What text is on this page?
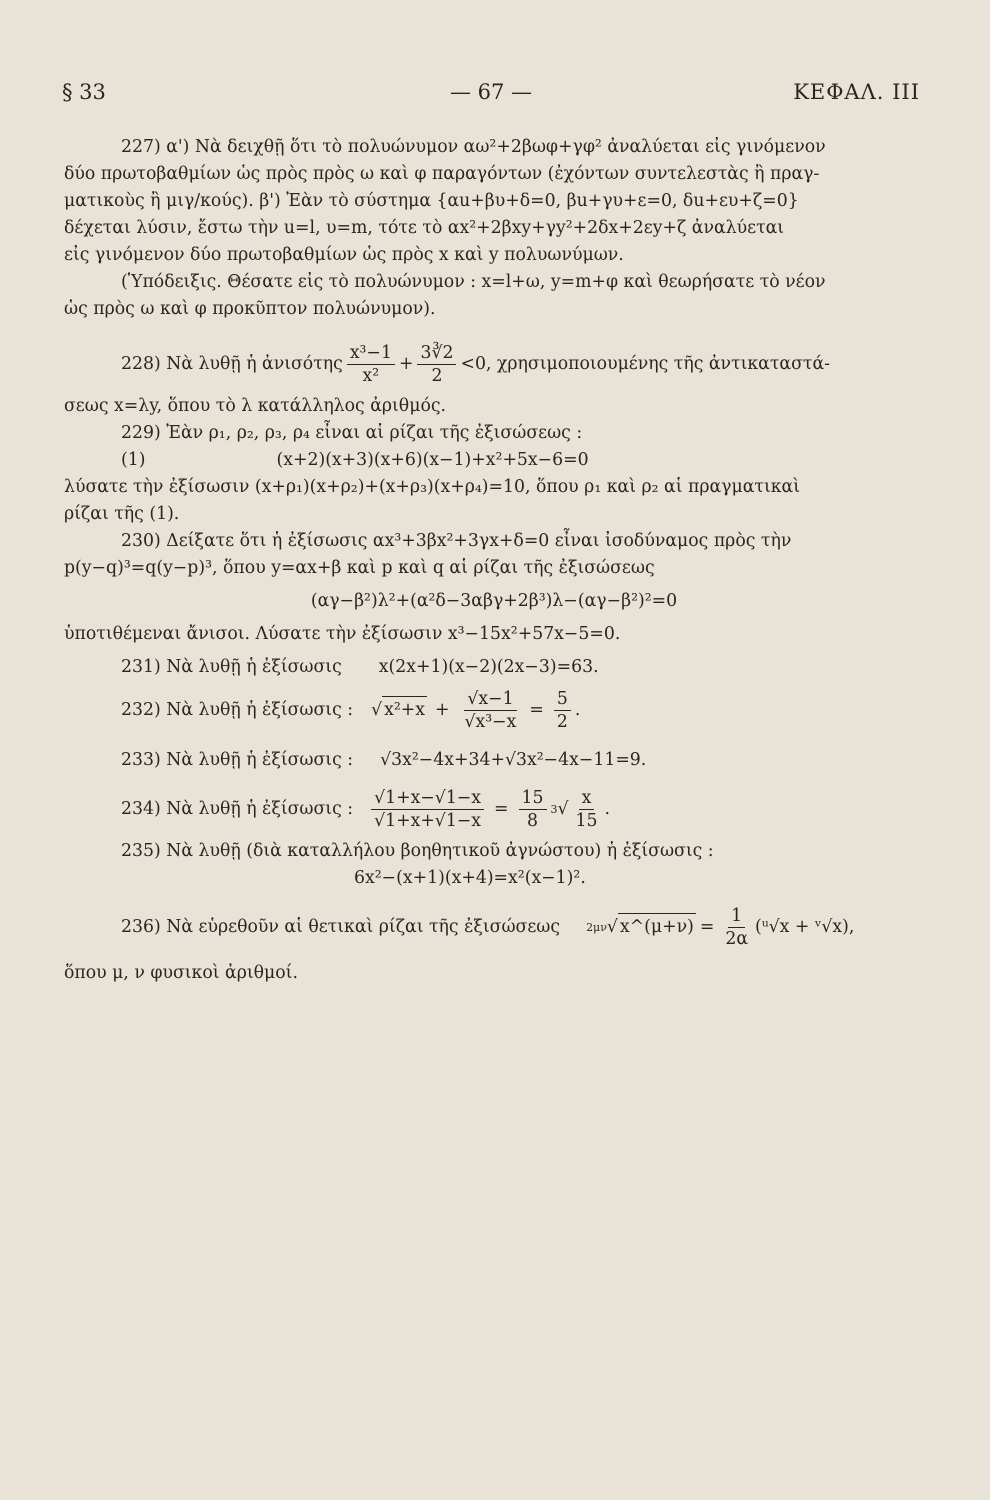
§ 33	— 67 —	ΚΕΦΑΛ. ΙΙΙ
227) α') Νὰ δειχθῇ ὅτι τὸ πολυώνυμον αω²+2βωφ+γφ² ἀναλύεται εἰς γινόμενον
δύο πρωτοβαθμίων ὡς πρὸς πρὸς ω καὶ φ παραγόντων (ἐχόντων συντελεστὰς ἢ πραγ-
ματικοὺς ἢ μιγ/κούς). β') Ἐὰν τὸ σύστημα {αu+βυ+δ=0, βu+γυ+ε=0, δu+ευ+ζ=0}
δέχεται λύσιν, ἔστω τὴν u=l, υ=m, τότε τὸ αx²+2βxy+γy²+2δx+2εy+ζ ἀναλύεται
εἰς γινόμενον δύο πρωτοβαθμίων ὡς πρὸς x καὶ y πολυωνύμων.
(Ὑπόδειξις. Θέσατε εἰς τὸ πολυώνυμον : x=l+ω, y=m+φ καὶ θεωρήσατε τὸ νέον
ὡς πρὸς ω καὶ φ προκῦπτον πολυώνυμον).
228) Νὰ λυθῇ ἡ ἀνισότης $\frac{\text{x³−1}}{\text{x²}} + \frac{3∛2}{2} <0$, χρησιμοποιουμένης τῆς ἀντικαταστά-
σεως x=λy, ὅπου τὸ λ κατάλληλος ἀριθμός.
229) Ἐὰν ρ₁, ρ₂, ρ₃, ρ₄ εἶναι αἱ ρίζαι τῆς ἐξισώσεως :
(1)	(x+2)(x+3)(x+6)(x−1)+x²+5x−6=0
λύσατε τὴν ἐξίσωσιν (x+ρ₁)(x+ρ₂)+(x+ρ₃)(x+ρ₄)=10, ὅπου ρ₁ καὶ ρ₂ αἱ πραγματικαὶ
ρίζαι τῆς (1).
230) Δείξατε ὅτι ἡ ἐξίσωσις αx³+3βx²+3γx+δ=0 εἶναι ἰσοδύναμος πρὸς τὴν
p(y−q)³=q(y−p)³, ὅπου y=αx+β καὶ p καὶ q αἱ ρίζαι τῆς ἐξισώσεως
(αγ−β²)λ²+(α²δ−3αβγ+2β³)λ−(αγ−β²)²=0
ὑποτιθέμεναι ἄνισοι. Λύσατε τὴν ἐξίσωσιν x³−15x²+57x−5=0.
231) Νὰ λυθῇ ἡ ἐξίσωσις x(2x+1)(x−2)(2x−3)=63.
232) Νὰ λυθῇ ἡ ἐξίσωσις : √ $x^2+x + \frac{√x-1}{\text{√x³−x}} = \frac{5}{2}$ .
233) Νὰ λυθῇ ἡ ἐξίσωσις : √3x²−4x+34+√3x²−4x−11=9.
234) Νὰ λυθῇ ἡ ἐξίσωσις : $\frac{√1+x-√1-x}{√1+x+√1-x} = \frac{15}{8} 3$ √ $\frac{x}{15}$ .
235) Νὰ λυθῇ (διὰ καταλλήλου βοηθητικοῦ ἀγνώστου) ἡ ἐξίσωσις :
6x²−(x+1)(x+4)=x²(x−1)².
236) Νὰ εὑρεθοῦν αἱ θετικαὶ ρίζαι τῆς ἐξισώσεως 2μν √ x^(μ+ν) = $\frac{1}{2\alpha}$ (ᵘ√x + ᵛ√x),
ὅπου μ, ν φυσικοὶ ἀριθμοί.
